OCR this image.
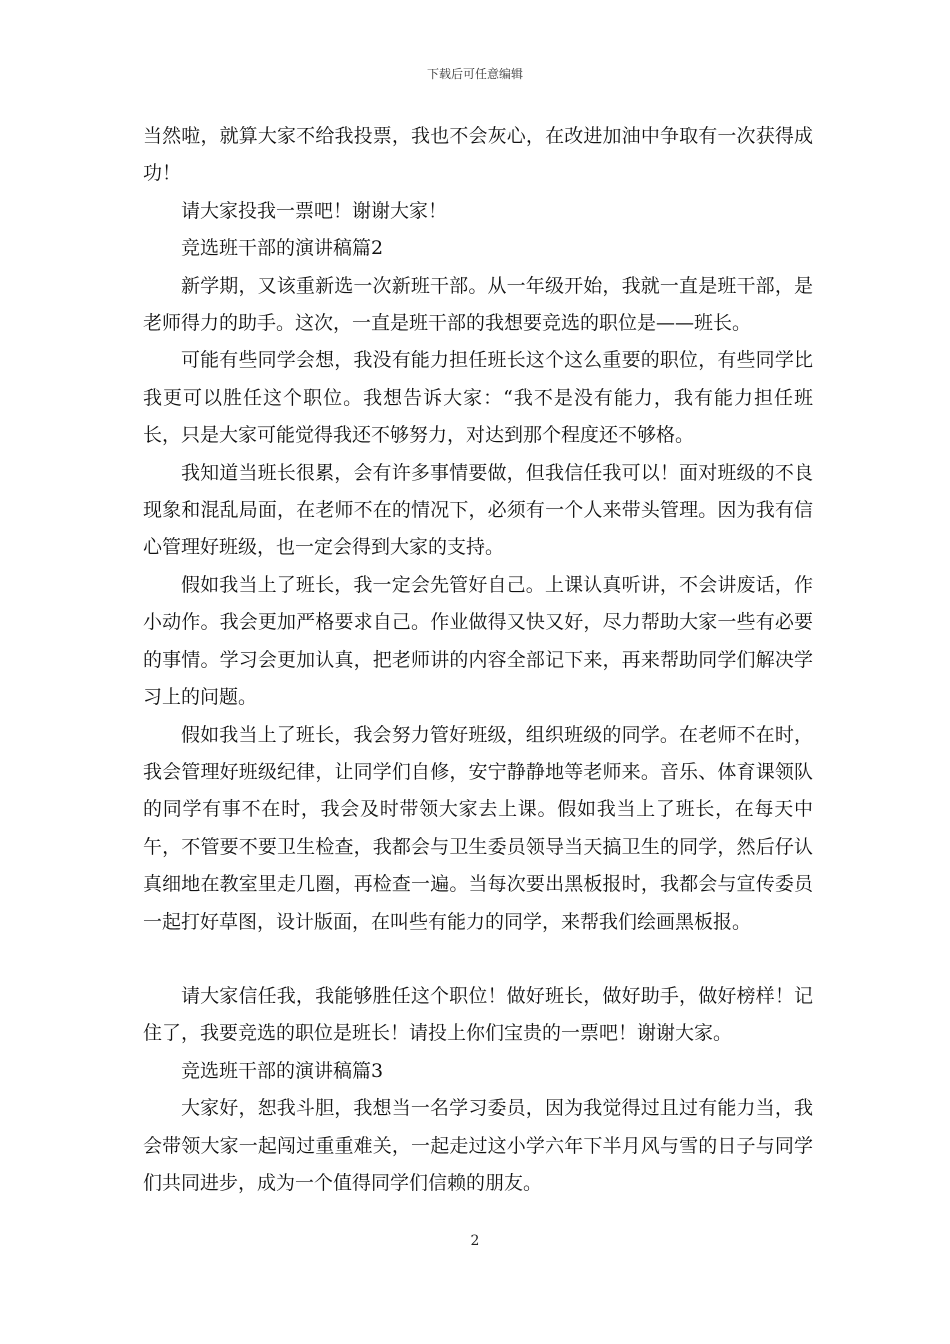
下载后可任意编辑

当然啦，就算大家不给我投票，我也不会灰心，在改进加油中争取有一次获得成功！

请大家投我一票吧！谢谢大家！

竞选班干部的演讲稿篇2

新学期，又该重新选一次新班干部。从一年级开始，我就一直是班干部，是老师得力的助手。这次，一直是班干部的我想要竞选的职位是——班长。

可能有些同学会想，我没有能力担任班长这个这么重要的职位，有些同学比我更可以胜任这个职位。我想告诉大家：“我不是没有能力，我有能力担任班长，只是大家可能觉得我还不够努力，对达到那个程度还不够格。

我知道当班长很累，会有许多事情要做，但我信任我可以！面对班级的不良现象和混乱局面，在老师不在的情况下，必须有一个人来带头管理。因为我有信心管理好班级，也一定会得到大家的支持。

假如我当上了班长，我一定会先管好自己。上课认真听讲，不会讲废话，作小动作。我会更加严格要求自己。作业做得又快又好，尽力帮助大家一些有必要的事情。学习会更加认真，把老师讲的内容全部记下来，再来帮助同学们解决学习上的问题。

假如我当上了班长，我会努力管好班级，组织班级的同学。在老师不在时，我会管理好班级纪律，让同学们自修，安宁静静地等老师来。音乐、体育课领队的同学有事不在时，我会及时带领大家去上课。假如我当上了班长，在每天中午，不管要不要卫生检查，我都会与卫生委员领导当天搞卫生的同学，然后仔认真细地在教室里走几圈，再检查一遍。当每次要出黑板报时，我都会与宣传委员一起打好草图，设计版面，在叫些有能力的同学，来帮我们绘画黑板报。

请大家信任我，我能够胜任这个职位！做好班长，做好助手，做好榜样！记住了，我要竞选的职位是班长！请投上你们宝贵的一票吧！谢谢大家。

竞选班干部的演讲稿篇3

大家好，恕我斗胆，我想当一名学习委员，因为我觉得过且过有能力当，我会带领大家一起闯过重重难关，一起走过这小学六年下半月风与雪的日子与同学们共同进步，成为一个值得同学们信赖的朋友。

2
